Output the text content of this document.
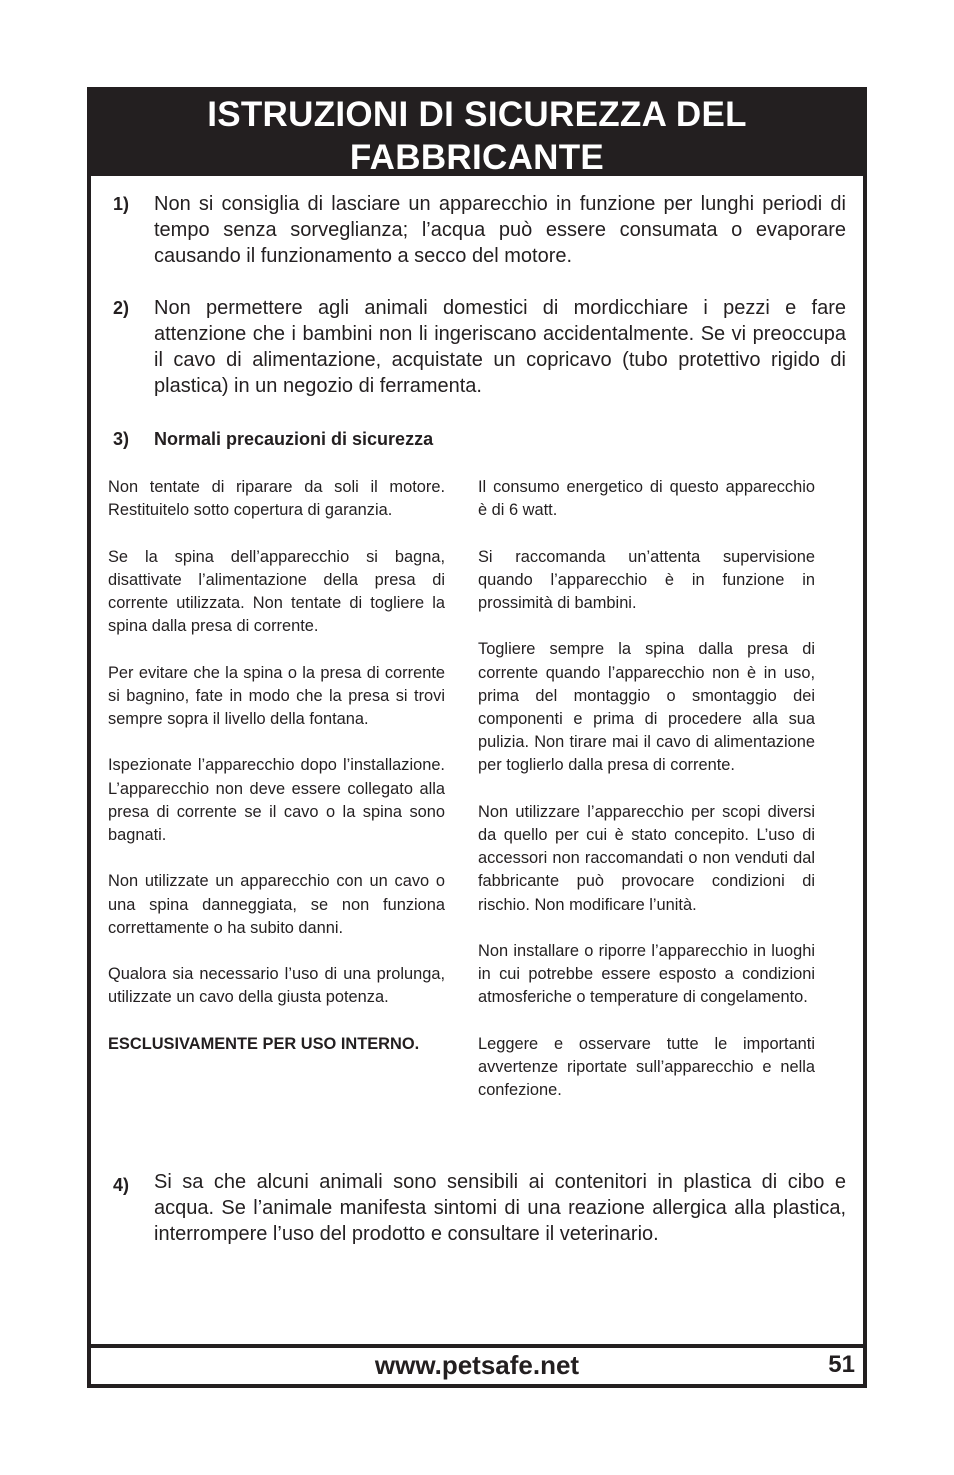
ISTRUZIONI DI SICUREZZA DEL
FABBRICANTE
1) Non si consiglia di lasciare un apparecchio in funzione per lunghi periodi di tempo senza sorveglianza; l’acqua può essere consumata o evaporare causando il funzionamento a secco del motore.
2) Non permettere agli animali domestici di mordicchiare i pezzi e fare attenzione che i bambini non li ingeriscano accidentalmente. Se vi preoccupa il cavo di alimentazione, acquistate un copricavo (tubo protettivo rigido di plastica) in un negozio di ferramenta.
3) Normali precauzioni di sicurezza

Non tentate di riparare da soli il motore. Restituitelo sotto copertura di garanzia.

Se la spina dell’apparecchio si bagna, disattivate l’alimentazione della presa di corrente utilizzata. Non tentate di togliere la spina dalla presa di corrente.

Per evitare che la spina o la presa di corrente si bagnino, fate in modo che la presa si trovi sempre sopra il livello della fontana.

Ispezionate l’apparecchio dopo l’installazione. L’apparecchio non deve essere collegato alla presa di corrente se il cavo o la spina sono bagnati.

Non utilizzate un apparecchio con un cavo o una spina danneggiata, se non funziona correttamente o ha subito danni.

Qualora sia necessario l’uso di una prolunga, utilizzate un cavo della giusta potenza.

ESCLUSIVAMENTE PER USO INTERNO.

Il consumo energetico di questo apparecchio è di 6 watt.

Si raccomanda un’attenta supervisione quando l’apparecchio è in funzione in prossimità di bambini.

Togliere sempre la spina dalla presa di corrente quando l’apparecchio non è in uso, prima del montaggio o smontaggio dei componenti e prima di procedere alla sua pulizia. Non tirare mai il cavo di alimentazione per toglierlo dalla presa di corrente.

Non utilizzare l’apparecchio per scopi diversi da quello per cui è stato concepito. L’uso di accessori non raccomandati o non venduti dal fabbricante può provocare condizioni di rischio. Non modificare l’unità.

Non installare o riporre l’apparecchio in luoghi in cui potrebbe essere esposto a condizioni atmosferiche o temperature di congelamento.

Leggere e osservare tutte le importanti avvertenze riportate sull’apparecchio e nella confezione.

4) Si sa che alcuni animali sono sensibili ai contenitori in plastica di cibo e acqua. Se l’animale manifesta sintomi di una reazione allergica alla plastica, interrompere l’uso del prodotto e consultare il veterinario.
www.petsafe.net	51
